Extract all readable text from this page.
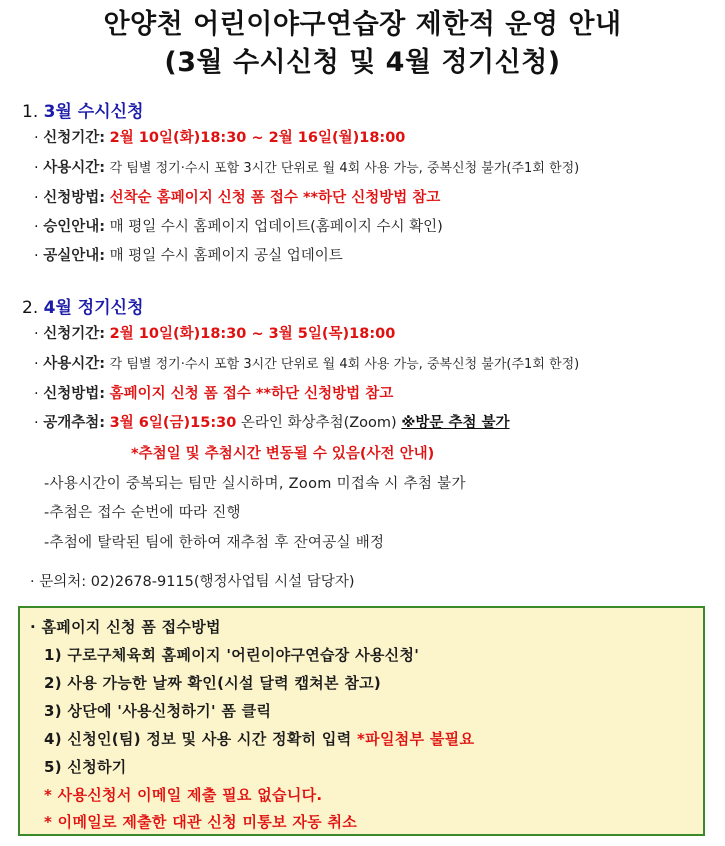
안양천 어린이야구연습장 제한적 운영 안내
(3월 수시신청 및 4월 정기신청)
1. 3월 수시신청
· 신청기간: 2월 10일(화)18:30 ~ 2월 16일(월)18:00
· 사용시간: 각 팀별 정기·수시 포함 3시간 단위로 월 4회 사용 가능, 중복신청 불가(주1회 한정)
· 신청방법: 선착순 홈페이지 신청 폼 접수 **하단 신청방법 참고
· 승인안내: 매 평일 수시 홈페이지 업데이트(홈페이지 수시 확인)
· 공실안내: 매 평일 수시 홈페이지 공실 업데이트
2. 4월 정기신청
· 신청기간: 2월 10일(화)18:30 ~ 3월 5일(목)18:00
· 사용시간: 각 팀별 정기·수시 포함 3시간 단위로 월 4회 사용 가능, 중복신청 불가(주1회 한정)
· 신청방법: 홈페이지 신청 폼 접수 **하단 신청방법 참고
· 공개추첨: 3월 6일(금)15:30 온라인 화상추첨(Zoom) ※방문 추첨 불가
*추첨일 및 추첨시간 변동될 수 있음(사전 안내)
-사용시간이 중복되는 팀만 실시하며, Zoom 미접속 시 추첨 불가
-추첨은 접수 순번에 따라 진행
-추첨에 탈락된 팀에 한하여 재추첨 후 잔여공실 배정
· 문의처: 02)2678-9115(행정사업팀 시설 담당자)
· 홈페이지 신청 폼 접수방법
1) 구로구체육회 홈페이지 '어린이야구연습장 사용신청'
2) 사용 가능한 날짜 확인(시설 달력 캡쳐본 참고)
3) 상단에 '사용신청하기' 폼 클릭
4) 신청인(팀) 정보 및 사용 시간 정확히 입력 *파일첨부 불필요
5) 신청하기
* 사용신청서 이메일 제출 필요 없습니다.
* 이메일로 제출한 대관 신청 미통보 자동 취소
